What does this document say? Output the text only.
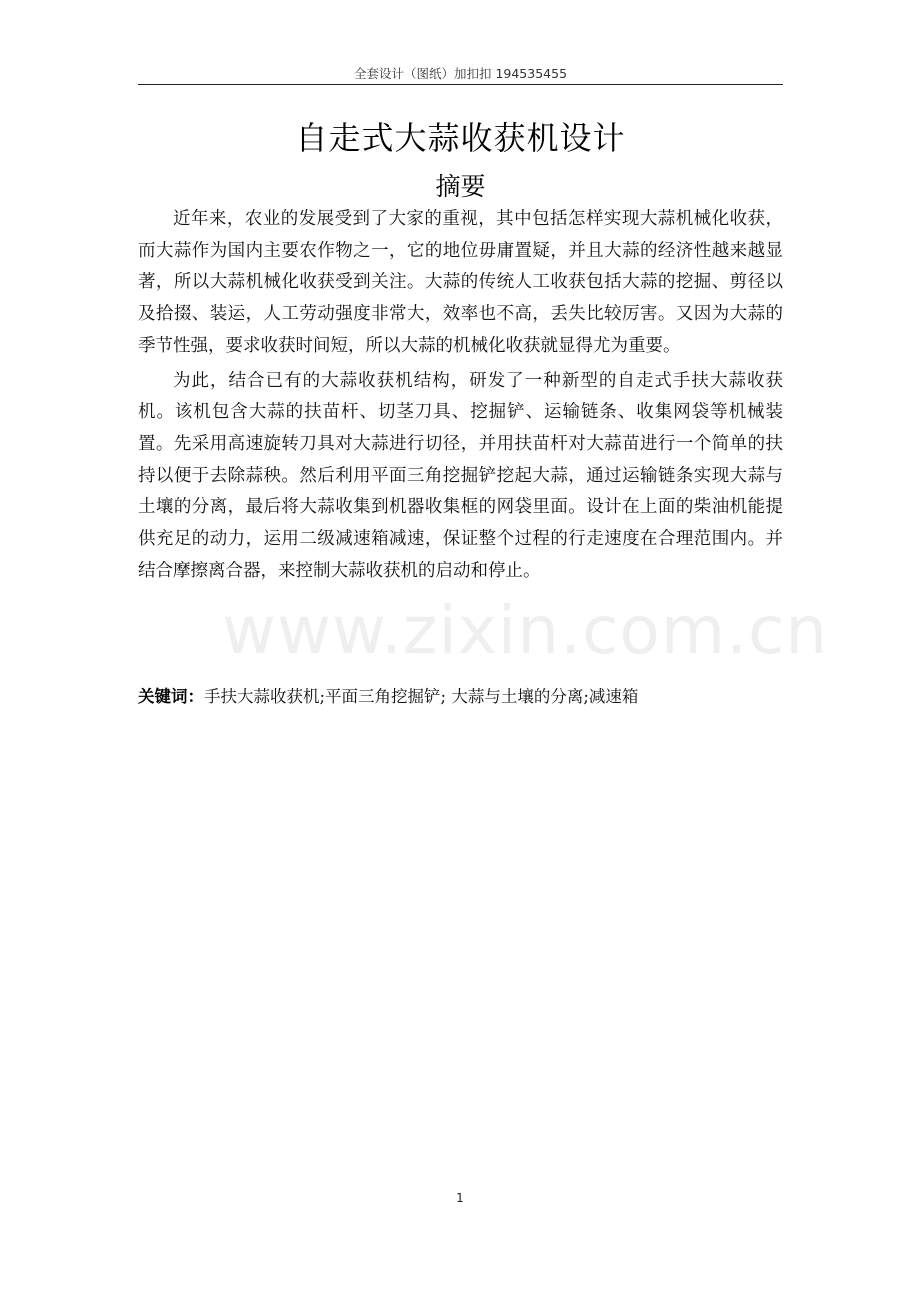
全套设计（图纸）加扣扣 194535455
自走式大蒜收获机设计
摘要

近年来，农业的发展受到了大家的重视，其中包括怎样实现大蒜机械化收获，而大蒜作为国内主要农作物之一，它的地位毋庸置疑，并且大蒜的经济性越来越显著，所以大蒜机械化收获受到关注。大蒜的传统人工收获包括大蒜的挖掘、剪径以及拾掇、装运，人工劳动强度非常大，效率也不高，丢失比较厉害。又因为大蒜的季节性强，要求收获时间短，所以大蒜的机械化收获就显得尤为重要。

为此，结合已有的大蒜收获机结构，研发了一种新型的自走式手扶大蒜收获机。该机包含大蒜的扶苗杆、切茎刀具、挖掘铲、运输链条、收集网袋等机械装置。先采用高速旋转刀具对大蒜进行切径，并用扶苗杆对大蒜苗进行一个简单的扶持以便于去除蒜秧。然后利用平面三角挖掘铲挖起大蒜，通过运输链条实现大蒜与土壤的分离，最后将大蒜收集到机器收集框的网袋里面。设计在上面的柴油机能提供充足的动力，运用二级减速箱减速，保证整个过程的行走速度在合理范围内。并结合摩擦离合器，来控制大蒜收获机的启动和停止。

www.zixin.com.cn
关键词：手扶大蒜收获机;平面三角挖掘铲; 大蒜与土壤的分离;减速箱
1
